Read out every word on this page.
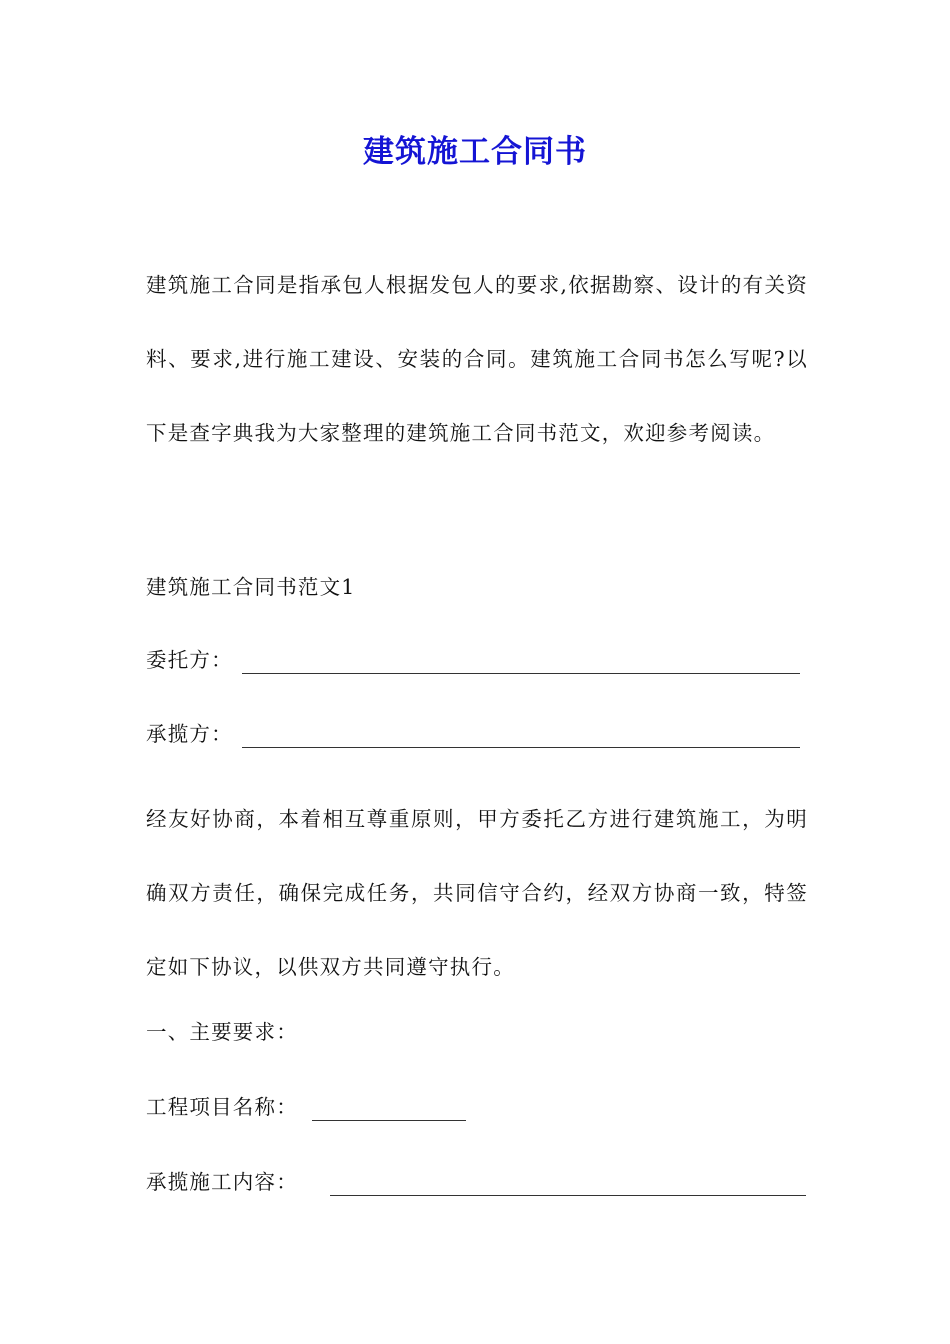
建筑施工合同书

建筑施工合同是指承包人根据发包人的要求,依据勘察、设计的有关资料、要求,进行施工建设、安装的合同。建筑施工合同书怎么写呢?以下是查字典我为大家整理的建筑施工合同书范文，欢迎参考阅读。

建筑施工合同书范文1
委托方：
承揽方：

经友好协商，本着相互尊重原则，甲方委托乙方进行建筑施工，为明确双方责任，确保完成任务，共同信守合约，经双方协商一致，特签定如下协议，以供双方共同遵守执行。

一、主要要求：
工程项目名称：
承揽施工内容：
